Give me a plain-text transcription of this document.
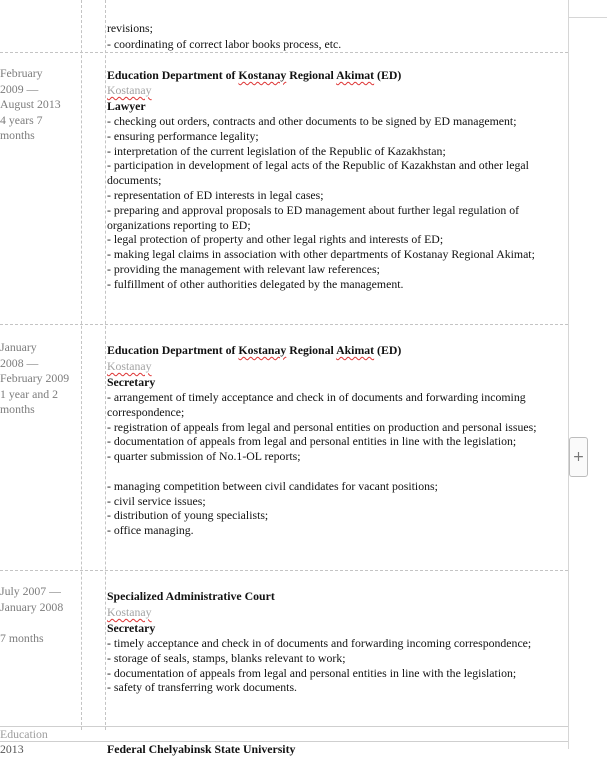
revisions;
- coordinating of correct labor books process, etc.
February
2009 —
August 2013
4 years 7
months
Education Department of Kostanay Regional Akimat (ED)
Kostanay
Lawyer
- checking out orders, contracts and other documents to be signed by ED management;
- ensuring performance legality;
- interpretation of the current legislation of the Republic of Kazakhstan;
- participation in development of legal acts of the Republic of Kazakhstan and other legal documents;
- representation of ED interests in legal cases;
- preparing and approval proposals to ED management about further legal regulation of organizations reporting to ED;
- legal protection of property and other legal rights and interests of ED;
- making legal claims in association with other departments of Kostanay Regional Akimat;
- providing the management with relevant law references;
- fulfillment of other authorities delegated by the management.
January
2008 —
February 2009
1 year and 2
months
Education Department of Kostanay Regional Akimat (ED)
Kostanay
Secretary
- arrangement of timely acceptance and check in of documents and forwarding incoming correspondence;
- registration of appeals from legal and personal entities on production and personal issues;
- documentation of appeals from legal and personal entities in line with the legislation;
- quarter submission of No.1-OL reports;
- managing competition between civil candidates for vacant positions;
- civil service issues;
- distribution of young specialists;
- office managing.
July 2007 —
January 2008
7 months
Specialized Administrative Court
Kostanay
Secretary
- timely acceptance and check in of documents and forwarding incoming correspondence;
- storage of seals, stamps, blanks relevant to work;
- documentation of appeals from legal and personal entities in line with the legislation;
- safety of transferring work documents.
Education
2013	Federal Chelyabinsk State University
+
